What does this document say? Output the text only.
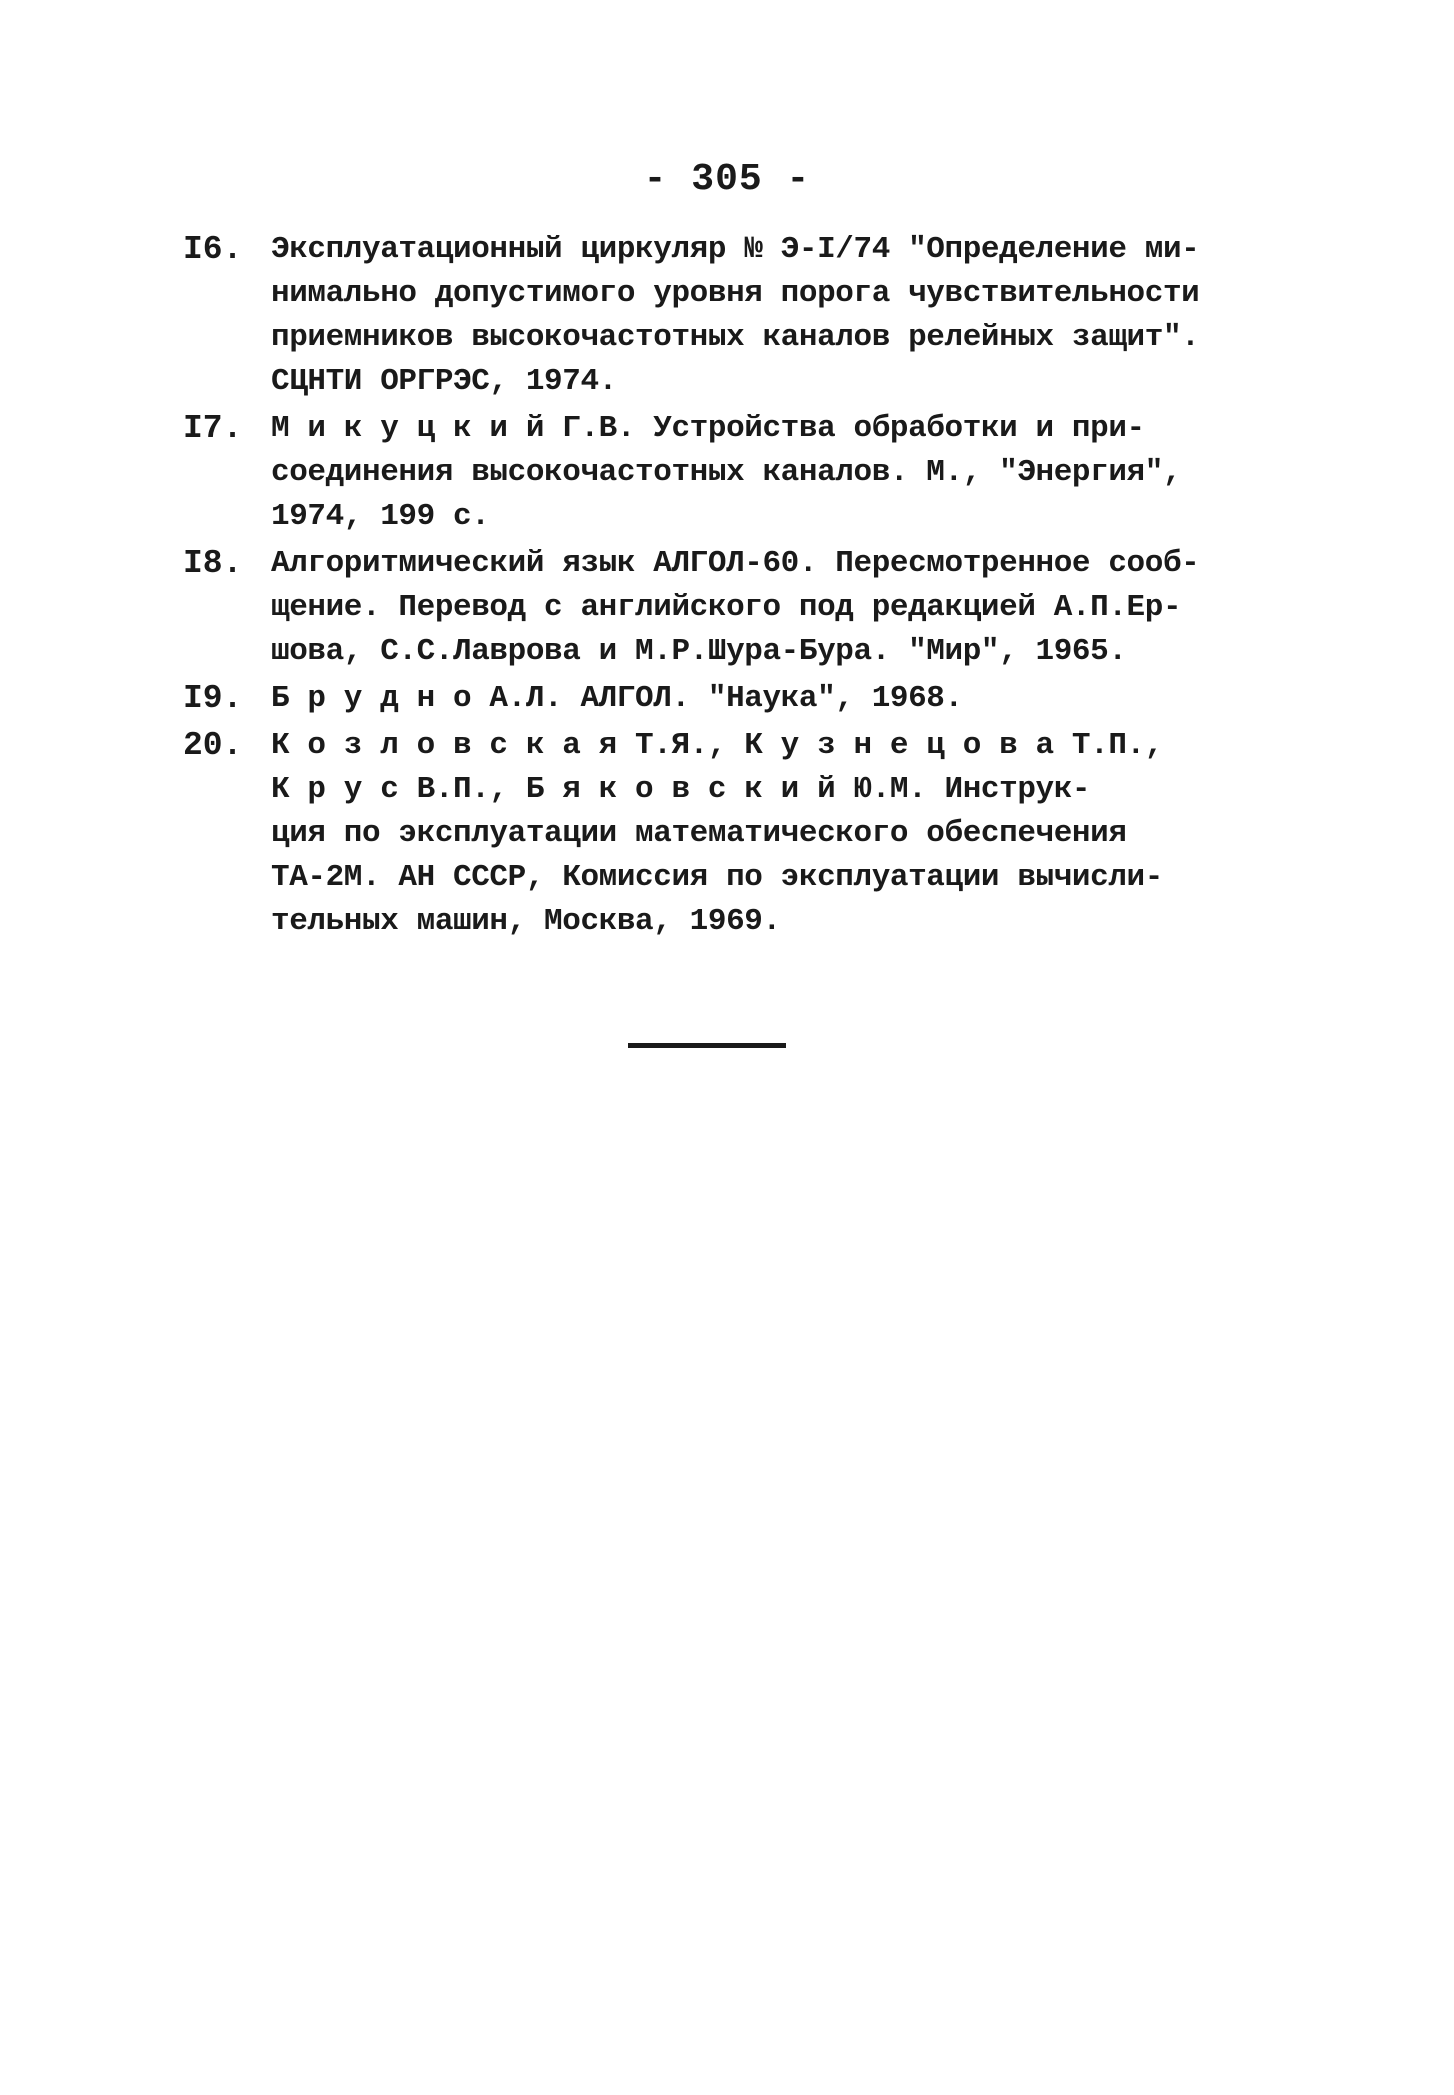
- 305 -
I6. Эксплуатационный циркуляр № Э-I/74 "Определение ми-
нимально допустимого уровня порога чувствительности
приемников высокочастотных каналов релейных защит".
СЦНТИ ОРГРЭС, 1974.
I7. М и к у ц к и й Г.В. Устройства обработки и при-
соединения высокочастотных каналов. М., "Энергия",
1974, 199 с.
I8. Алгоритмический язык АЛГОЛ-60. Пересмотренное сооб-
щение. Перевод с английского под редакцией А.П.Ер-
шова, С.С.Лаврова и М.Р.Шура-Бура. "Мир", 1965.
I9. Б р у д н о А.Л. АЛГОЛ. "Наука", 1968.
20. К о з л о в с к а я Т.Я., К у з н е ц о в а Т.П.,
К р у с В.П., Б я к о в с к и й Ю.М. Инструк-
ция по эксплуатации математического обеспечения
ТА-2М. АН СССР, Комиссия по эксплуатации вычисли-
тельных машин, Москва, 1969.
